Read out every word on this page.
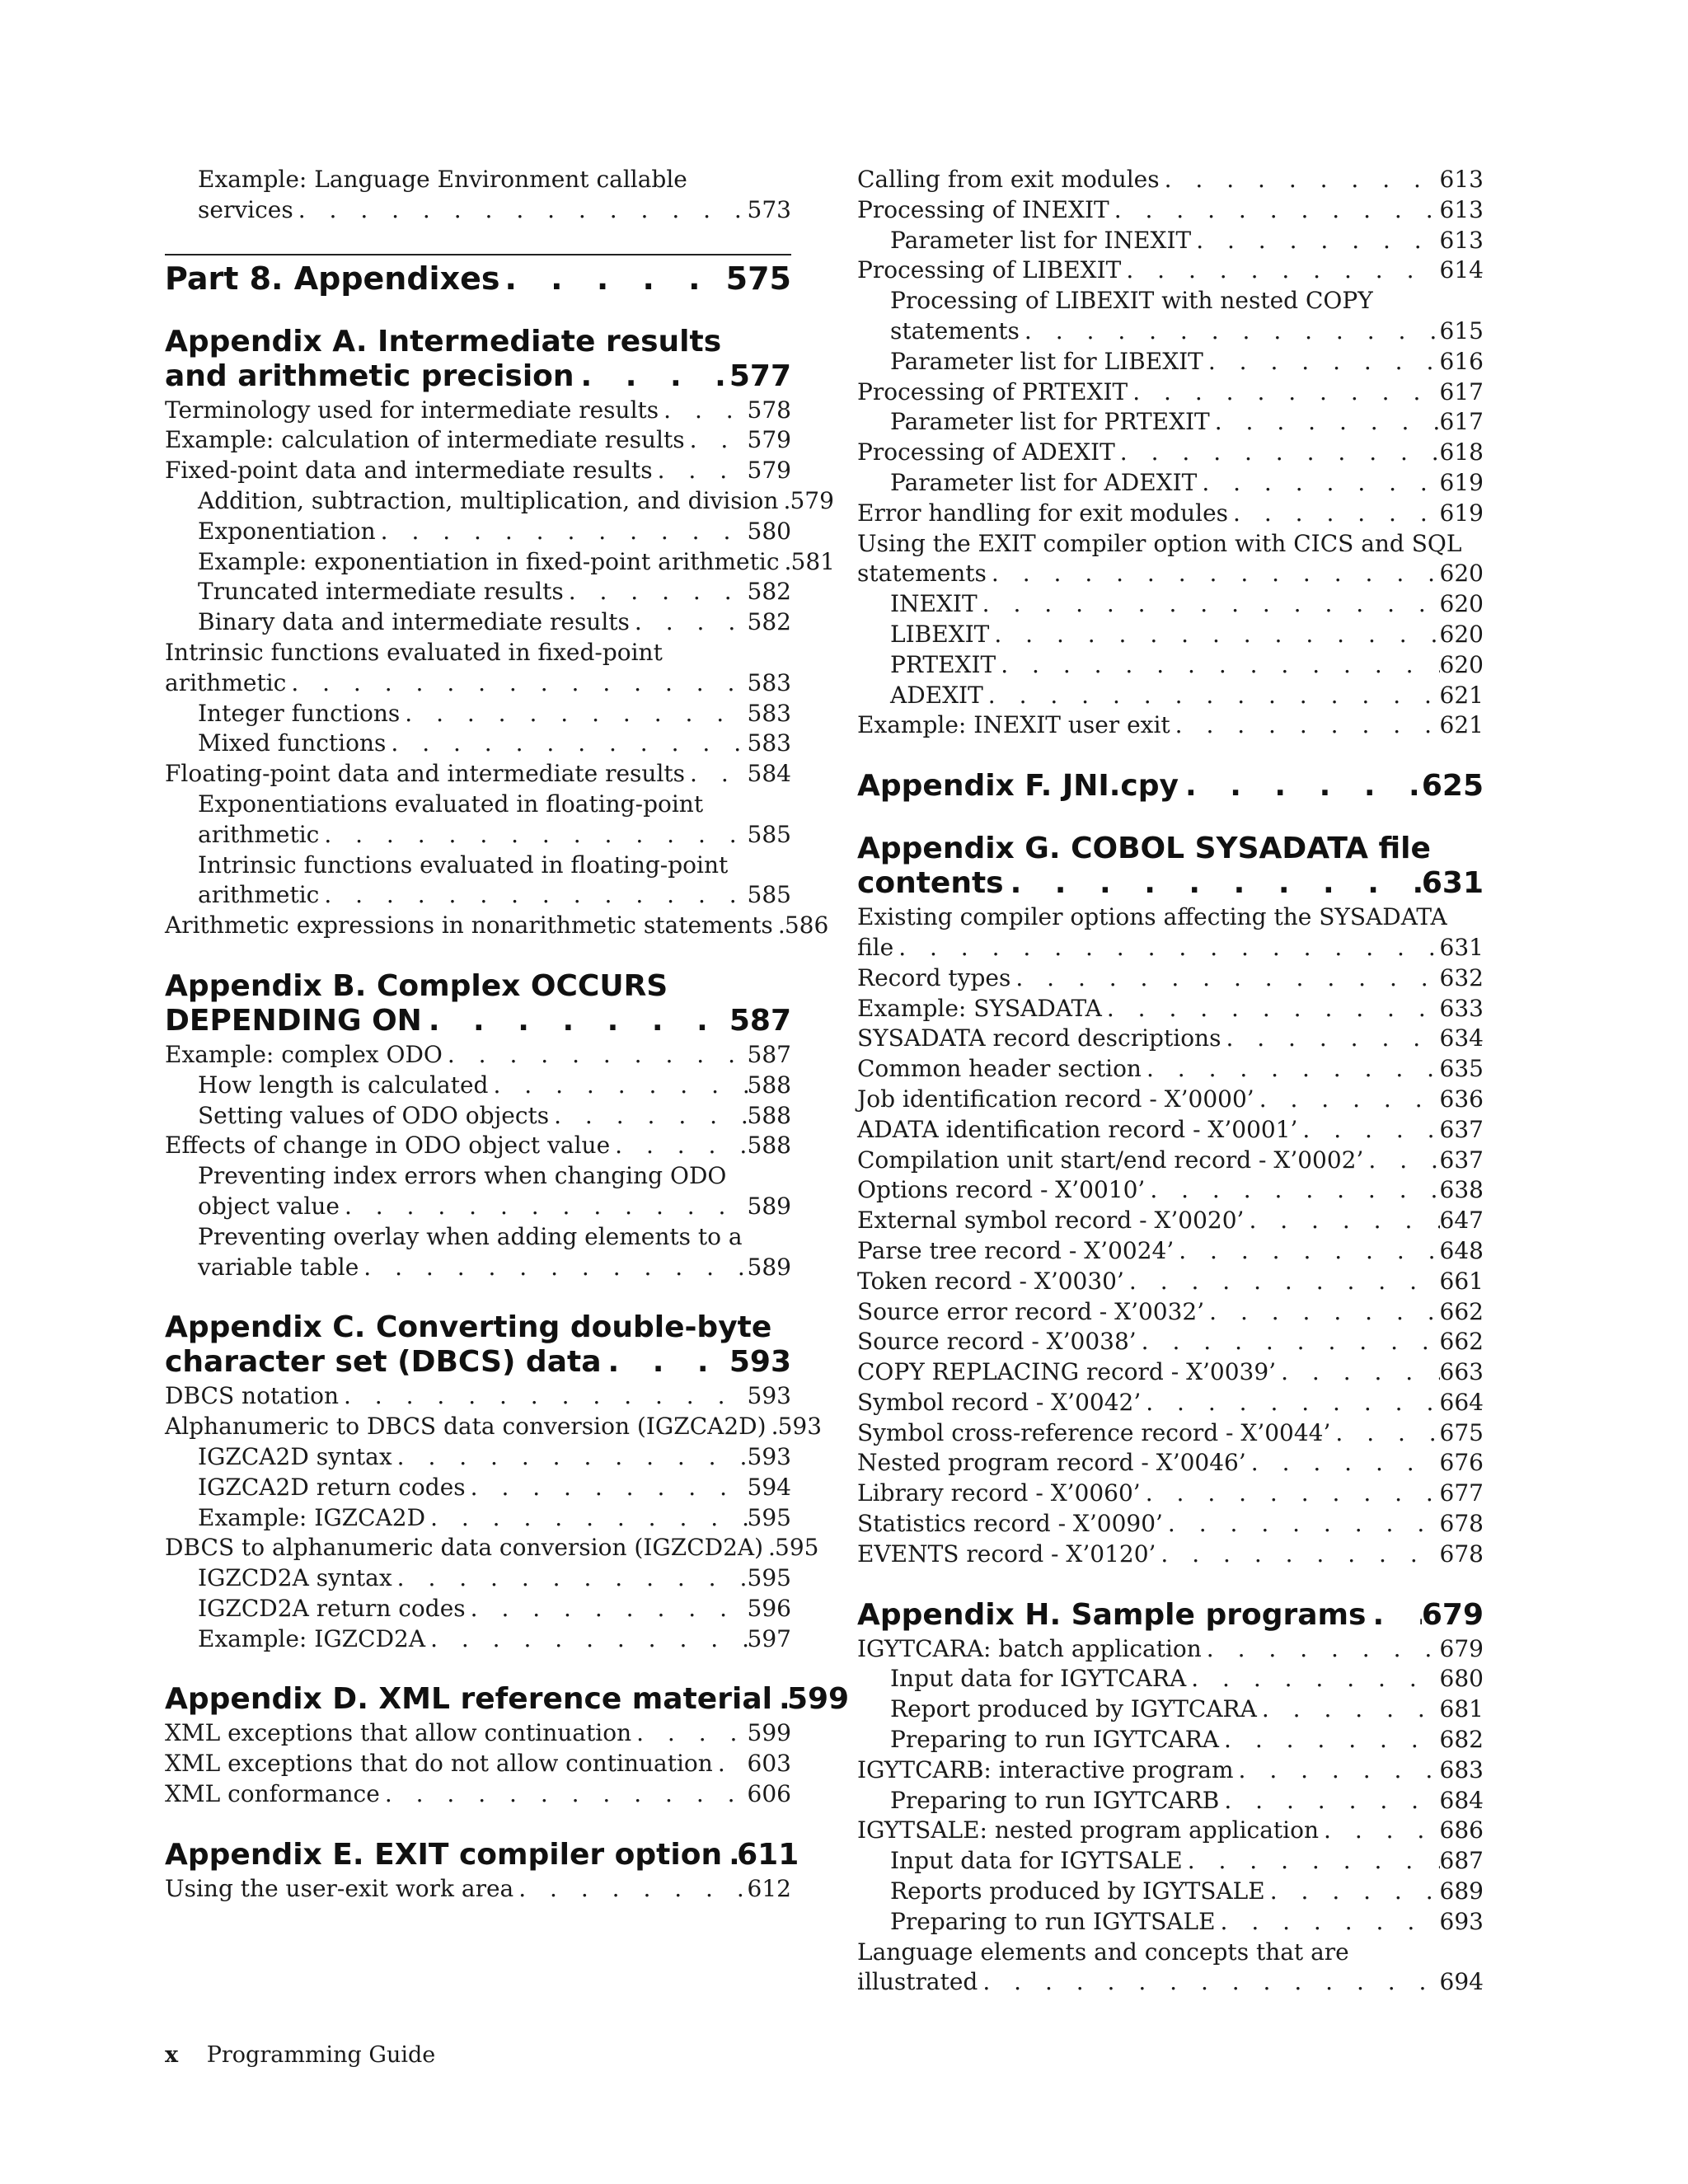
Example: Language Environment callable
services . . .	573
Part 8. Appendixes . . .	575
Appendix A. Intermediate results
and arithmetic precision . . .	577
Terminology used for intermediate results . . .	578
Example: calculation of intermediate results . . .	579
Fixed-point data and intermediate results . . .	579
Addition, subtraction, multiplication, and division . . . 579
Exponentiation . . .	580
Example: exponentiation in fixed-point arithmetic . . . 581
Truncated intermediate results . . .	582
Binary data and intermediate results . . .	582
Intrinsic functions evaluated in fixed-point
arithmetic . . .	583
Integer functions . . .	583
Mixed functions . . .	583
Floating-point data and intermediate results . . .	584
Exponentiations evaluated in floating-point
arithmetic . . .	585
Intrinsic functions evaluated in floating-point
arithmetic . . .	585
Arithmetic expressions in nonarithmetic statements . . . 586
Appendix B. Complex OCCURS
DEPENDING ON . . .	587
Example: complex ODO . . .	587
How length is calculated . . .	588
Setting values of ODO objects . . .	588
Effects of change in ODO object value . . .	588
Preventing index errors when changing ODO
object value . . .	589
Preventing overlay when adding elements to a
variable table . . .	589
Appendix C. Converting double-byte
character set (DBCS) data . . .	593
DBCS notation . . .	593
Alphanumeric to DBCS data conversion (IGZCA2D) . . . 593
IGZCA2D syntax . . .	593
IGZCA2D return codes . . .	594
Example: IGZCA2D . . .	595
DBCS to alphanumeric data conversion (IGZCD2A) . . . 595
IGZCD2A syntax . . .	595
IGZCD2A return codes . . .	596
Example: IGZCD2A . . .	597
Appendix D. XML reference material . . . 599
XML exceptions that allow continuation . . .	599
XML exceptions that do not allow continuation . . . 603
XML conformance . . .	606
Appendix E. EXIT compiler option . . . 611
Using the user-exit work area . . .	612
Calling from exit modules . . .	613
Processing of INEXIT . . .	613
Parameter list for INEXIT . . .	613
Processing of LIBEXIT . . .	614
Processing of LIBEXIT with nested COPY
statements . . .	615
Parameter list for LIBEXIT . . .	616
Processing of PRTEXIT . . .	617
Parameter list for PRTEXIT . . .	617
Processing of ADEXIT . . .	618
Parameter list for ADEXIT . . .	619
Error handling for exit modules . . .	619
Using the EXIT compiler option with CICS and SQL
statements . . .	620
INEXIT . . .	620
LIBEXIT . . .	620
PRTEXIT . . .	620
ADEXIT . . .	621
Example: INEXIT user exit . . .	621
Appendix F. JNI.cpy . . .	625
Appendix G. COBOL SYSADATA file
contents . . .	631
Existing compiler options affecting the SYSADATA
file . . .	631
Record types . . .	632
Example: SYSADATA . . .	633
SYSADATA record descriptions . . .	634
Common header section . . .	635
Job identification record - X’0000’ . . .	636
ADATA identification record - X’0001’ . . .	637
Compilation unit start/end record - X’0002’ . . .	637
Options record - X’0010’ . . .	638
External symbol record - X’0020’ . . .	647
Parse tree record - X’0024’ . . .	648
Token record - X’0030’ . . .	661
Source error record - X’0032’ . . .	662
Source record - X’0038’ . . .	662
COPY REPLACING record - X’0039’ . . .	663
Symbol record - X’0042’ . . .	664
Symbol cross-reference record - X’0044’ . . .	675
Nested program record - X’0046’ . . .	676
Library record - X’0060’ . . .	677
Statistics record - X’0090’ . . .	678
EVENTS record - X’0120’ . . .	678
Appendix H. Sample programs . . . 679
IGYTCARA: batch application . . .	679
Input data for IGYTCARA . . .	680
Report produced by IGYTCARA . . .	681
Preparing to run IGYTCARA . . .	682
IGYTCARB: interactive program . . .	683
Preparing to run IGYTCARB . . .	684
IGYTSALE: nested program application . . .	686
Input data for IGYTSALE . . .	687
Reports produced by IGYTSALE . . .	689
Preparing to run IGYTSALE . . .	693
Language elements and concepts that are
illustrated . . .	694
x Programming Guide
